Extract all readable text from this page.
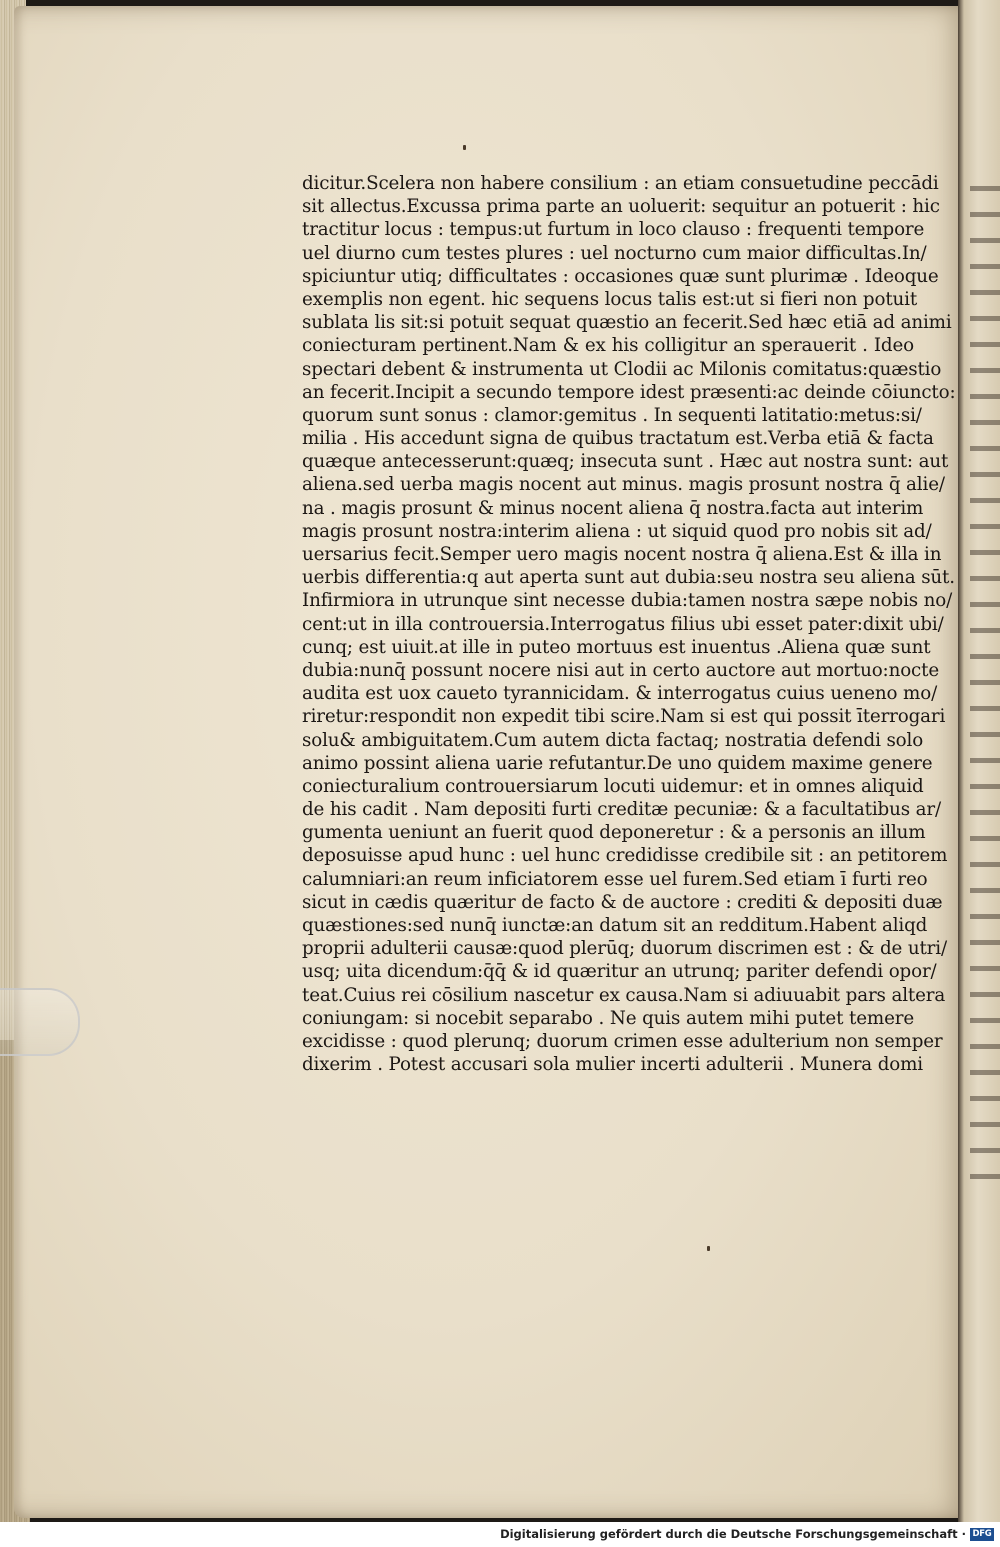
dicitur.Scelera non habere consilium : an etiam consuetudine peccādi
sit allectus.Excussa prima parte an uoluerit: sequitur an potuerit : hic
tractitur locus : tempus:ut furtum in loco clauso : frequenti tempore
uel diurno cum testes plures : uel nocturno cum maior difficultas.In/
spiciuntur utiq; difficultates : occasiones quæ sunt plurimæ . Ideoque
exemplis non egent. hic sequens locus talis est:ut si fieri non potuit
sublata lis sit:si potuit sequat quæstio an fecerit.Sed hæc etiā ad animi
coniecturam pertinent.Nam & ex his colligitur an sperauerit . Ideo
spectari debent & instrumenta ut Clodii ac Milonis comitatus:quæstio
an fecerit.Incipit a secundo tempore idest præsenti:ac deinde cōiuncto:
quorum sunt sonus : clamor:gemitus . In sequenti latitatio:metus:si/
milia . His accedunt signa de quibus tractatum est.Verba etiā & facta
quæque antecesserunt:quæq; insecuta sunt . Hæc aut nostra sunt: aut
aliena.sed uerba magis nocent aut minus. magis prosunt nostra q̄ alie/
na . magis prosunt & minus nocent aliena q̄ nostra.facta aut interim
magis prosunt nostra:interim aliena : ut siquid quod pro nobis sit ad/
uersarius fecit.Semper uero magis nocent nostra q̄ aliena.Est & illa in
uerbis differentia:q aut aperta sunt aut dubia:seu nostra seu aliena sūt.
Infirmiora in utrunque sint necesse dubia:tamen nostra sæpe nobis no/
cent:ut in illa controuersia.Interrogatus filius ubi esset pater:dixit ubi/
cunq; est uiuit.at ille in puteo mortuus est inuentus .Aliena quæ sunt
dubia:nunq̄ possunt nocere nisi aut in certo auctore aut mortuo:nocte
audita est uox caueto tyrannicidam. & interrogatus cuius ueneno mo/
riretur:respondit non expedit tibi scire.Nam si est qui possit īterrogari
solu& ambiguitatem.Cum autem dicta factaq; nostratia defendi solo
animo possint aliena uarie refutantur.De uno quidem maxime genere
coniecturalium controuersiarum locuti uidemur: et in omnes aliquid
de his cadit . Nam depositi furti creditæ pecuniæ: & a facultatibus ar/
gumenta ueniunt an fuerit quod deponeretur : & a personis an illum
deposuisse apud hunc : uel hunc credidisse credibile sit : an petitorem
calumniari:an reum inficiatorem esse uel furem.Sed etiam ī furti reo
sicut in cædis quæritur de facto & de auctore : crediti & depositi duæ
quæstiones:sed nunq̄ iunctæ:an datum sit an redditum.Habent aliqd
proprii adulterii causæ:quod plerūq; duorum discrimen est : & de utri/
usq; uita dicendum:q̄q̄ & id quæritur an utrunq; pariter defendi opor/
teat.Cuius rei cōsilium nascetur ex causa.Nam si adiuuabit pars altera
coniungam: si nocebit separabo . Ne quis autem mihi putet temere
excidisse : quod plerunq; duorum crimen esse adulterium non semper
dixerim . Potest accusari sola mulier incerti adulterii . Munera domi
Digitalisierung gefördert durch die Deutsche Forschungsgemeinschaft · DFG
